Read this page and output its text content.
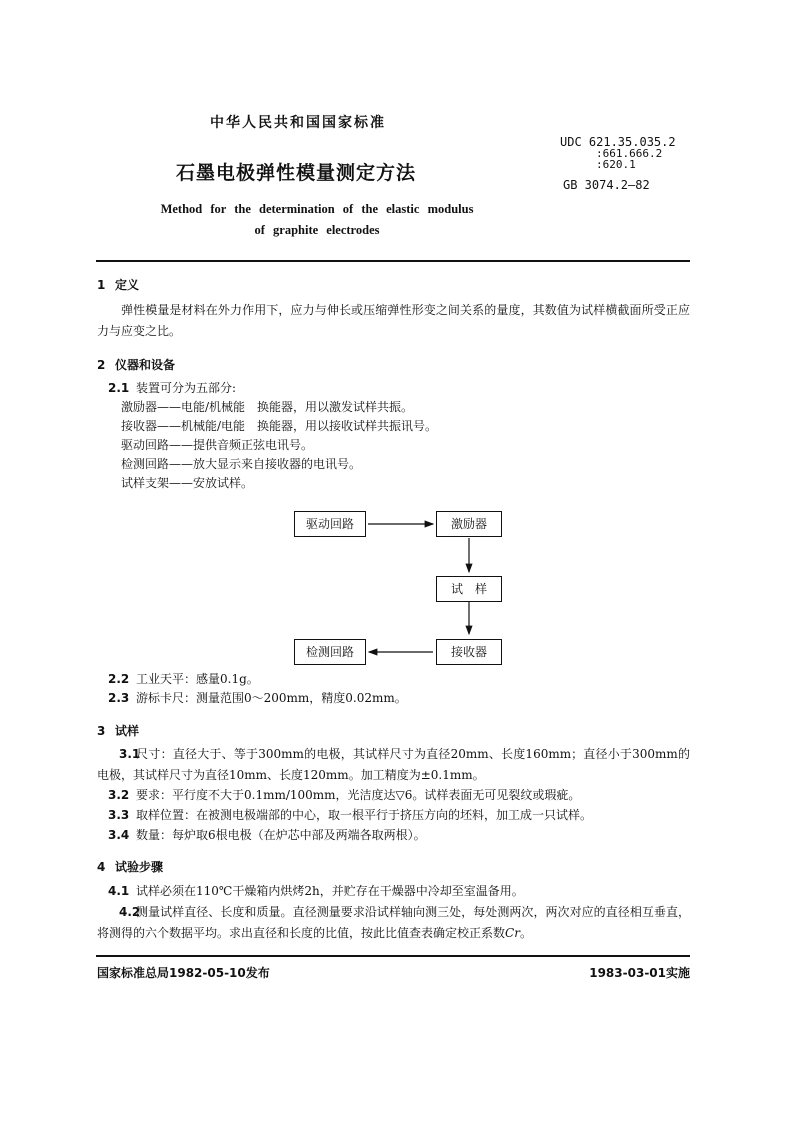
中华人民共和国国家标准
石墨电极弹性模量测定方法
Method for the determination of the elastic modulus
of graphite electrodes
UDC 621.35.035.2
:661.666.2
:620.1
GB 3074.2—82
1 定义
弹性模量是材料在外力作用下，应力与伸长或压缩弹性形变之间关系的量度，其数值为试样横截面所受正应力与应变之比。
2 仪器和设备
2.1 装置可分为五部分:
激励器——电能/机械能　换能器，用以激发试样共振。
接收器——机械能/电能　换能器，用以接收试样共振讯号。
驱动回路——提供音频正弦电讯号。
检测回路——放大显示来自接收器的电讯号。
试样支架——安放试样。
驱动回路	激励器
试　样
接收器
检测回路
2.2 工业天平：感量0.1g。
2.3 游标卡尺：测量范围0～200mm，精度0.02mm。
3 试样
3.1尺寸：直径大于、等于300mm的电极，其试样尺寸为直径20mm、长度160mm；直径小于300mm的电极，其试样尺寸为直径10mm、长度120mm。加工精度为±0.1mm。
3.2 要求：平行度不大于0.1mm/100mm，光洁度达▽6。试样表面无可见裂纹或瑕疵。
3.3 取样位置：在被测电极端部的中心，取一根平行于挤压方向的坯料，加工成一只试样。
3.4 数量：每炉取6根电极（在炉芯中部及两端各取两根）。
4 试验步骤
4.1 试样必须在110℃干燥箱内烘烤2h，并贮存在干燥器中冷却至室温备用。
4.2测量试样直径、长度和质量。直径测量要求沿试样轴向测三处，每处测两次，两次对应的直径相互垂直，将测得的六个数据平均。求出直径和长度的比值，按此比值查表确定校正系数Cr。
国家标准总局1982-05-10发布	1983-03-01实施
